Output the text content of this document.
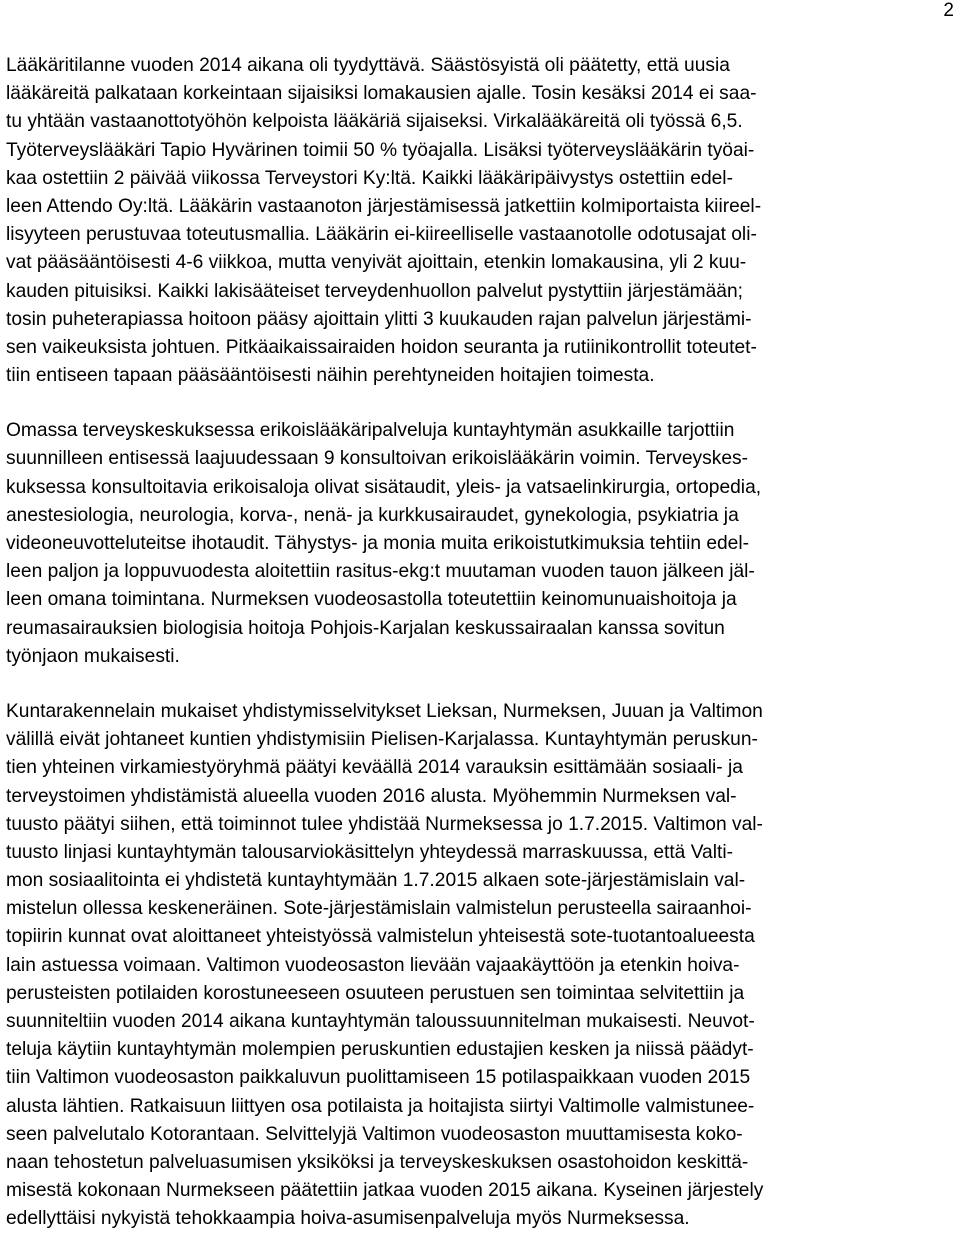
2

Lääkäritilanne vuoden 2014 aikana oli tyydyttävä. Säästösyistä oli päätetty, että uusia
lääkäreitä palkataan korkeintaan sijaisiksi lomakausien ajalle. Tosin kesäksi 2014 ei saa-
tu yhtään vastaanottotyöhön kelpoista lääkäriä sijaiseksi. Virkalääkäreitä oli työssä 6,5.
Työterveyslääkäri Tapio Hyvärinen toimii 50 % työajalla. Lisäksi työterveyslääkärin työai-
kaa ostettiin 2 päivää viikossa Terveystori Ky:ltä. Kaikki lääkäripäivystys ostettiin edel-
leen Attendo Oy:ltä. Lääkärin vastaanoton järjestämisessä jatkettiin kolmiportaista kiireel-
lisyyteen perustuvaa toteutusmallia. Lääkärin ei-kiireelliselle vastaanotolle odotusajat oli-
vat pääsääntöisesti 4-6 viikkoa, mutta venyivät ajoittain, etenkin lomakausina, yli 2 kuu-
kauden pituisiksi. Kaikki lakisääteiset terveydenhuollon palvelut pystyttiin järjestämään;
tosin puheterapiassa hoitoon pääsy ajoittain ylitti 3 kuukauden rajan palvelun järjestämi-
sen vaikeuksista johtuen. Pitkäaikaissairaiden hoidon seuranta ja rutiinikontrollit toteutet-
tiin entiseen tapaan pääsääntöisesti näihin perehtyneiden hoitajien toimesta.

Omassa terveyskeskuksessa erikoislääkäripalveluja kuntayhtymän asukkaille tarjottiin
suunnilleen entisessä laajuudessaan 9 konsultoivan erikoislääkärin voimin. Terveyskes-
kuksessa konsultoitavia erikoisaloja olivat sisätaudit, yleis- ja vatsaelinkirurgia, ortopedia,
anestesiologia, neurologia, korva-, nenä- ja kurkkusairaudet, gynekologia, psykiatria ja
videoneuvotteluteitse ihotaudit. Tähystys- ja monia muita erikoistutkimuksia tehtiin edel-
leen paljon ja loppuvuodesta aloitettiin rasitus-ekg:t muutaman vuoden tauon jälkeen jäl-
leen omana toimintana. Nurmeksen vuodeosastolla toteutettiin keinomunuaishoitoja ja
reumasairauksien biologisia hoitoja Pohjois-Karjalan keskussairaalan kanssa sovitun
työnjaon mukaisesti.

Kuntarakennelain mukaiset yhdistymisselvitykset Lieksan, Nurmeksen, Juuan ja Valtimon
välillä eivät johtaneet kuntien yhdistymisiin Pielisen-Karjalassa. Kuntayhtymän peruskun-
tien yhteinen virkamiestyöryhmä päätyi keväällä 2014 varauksin esittämään sosiaali- ja
terveystoimen yhdistämistä alueella vuoden 2016 alusta. Myöhemmin Nurmeksen val-
tuusto päätyi siihen, että toiminnot tulee yhdistää Nurmeksessa jo 1.7.2015. Valtimon val-
tuusto linjasi kuntayhtymän talousarviokäsittelyn yhteydessä marraskuussa, että Valti-
mon sosiaalitointa ei yhdistetä kuntayhtymään 1.7.2015 alkaen sote-järjestämislain val-
mistelun ollessa keskeneräinen. Sote-järjestämislain valmistelun perusteella sairaanhoi-
topiirin kunnat ovat aloittaneet yhteistyössä valmistelun yhteisestä sote-tuotantoalueesta
lain astuessa voimaan. Valtimon vuodeosaston lievään vajaakäyttöön ja etenkin hoiva-
perusteisten potilaiden korostuneeseen osuuteen perustuen sen toimintaa selvitettiin ja
suunniteltiin vuoden 2014 aikana kuntayhtymän taloussuunnitelman mukaisesti. Neuvot-
teluja käytiin kuntayhtymän molempien peruskuntien edustajien kesken ja niissä päädyt-
tiin Valtimon vuodeosaston paikkaluvun puolittamiseen 15 potilaspaikkaan vuoden 2015
alusta lähtien. Ratkaisuun liittyen osa potilaista ja hoitajista siirtyi Valtimolle valmistunee-
seen palvelutalo Kotorantaan. Selvittelyjä Valtimon vuodeosaston muuttamisesta koko-
naan tehostetun palveluasumisen yksiköksi ja terveyskeskuksen osastohoidon keskittä-
misestä kokonaan Nurmekseen päätettiin jatkaa vuoden 2015 aikana. Kyseinen järjestely
edellyttäisi nykyistä tehokkaampia hoiva-asumisenpalveluja myös Nurmeksessa.
